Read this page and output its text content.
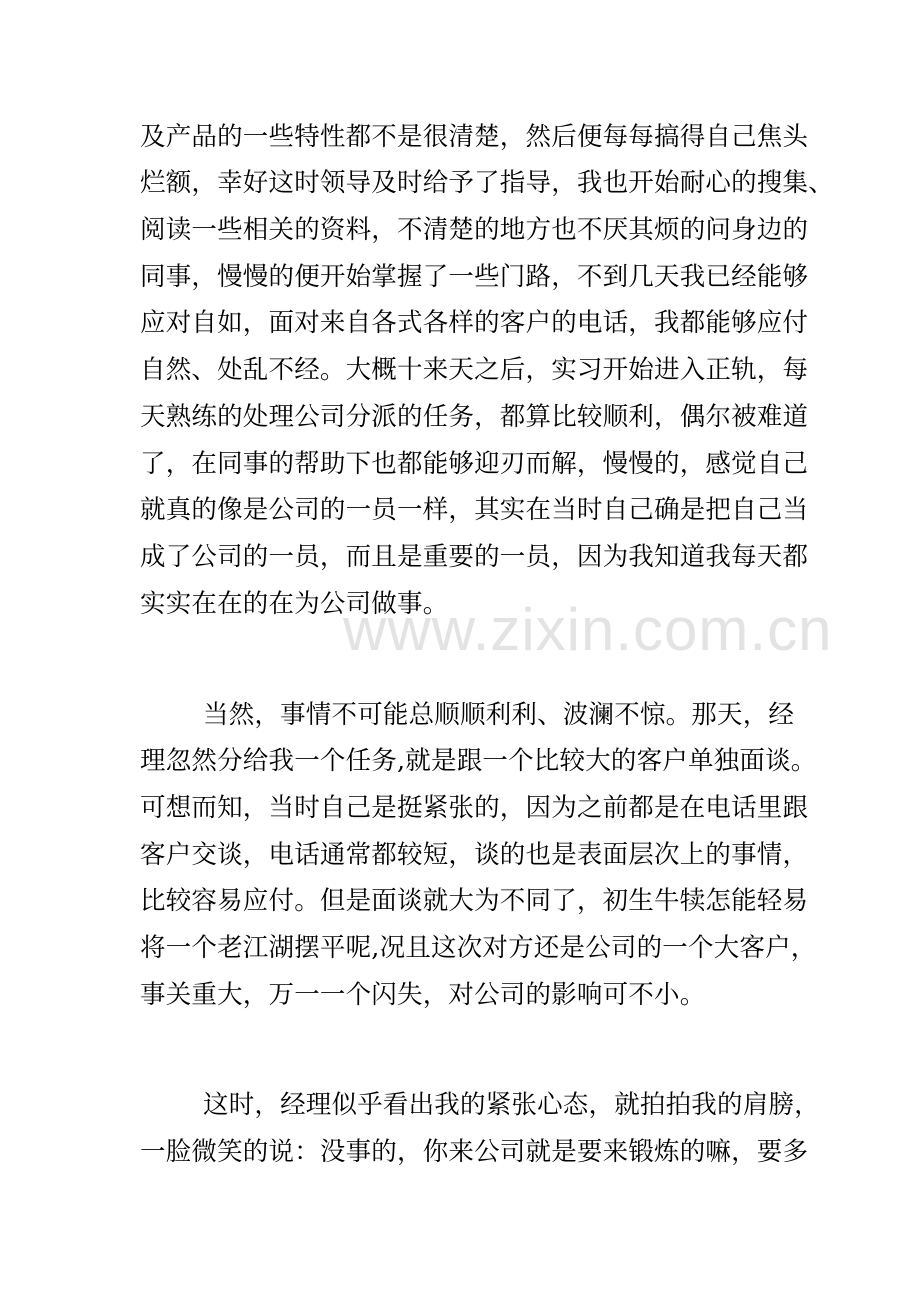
www.zixin.com.cn
及产品的一些特性都不是很清楚，然后便每每搞得自己焦头
烂额，幸好这时领导及时给予了指导，我也开始耐心的搜集、
阅读一些相关的资料，不清楚的地方也不厌其烦的问身边的
同事，慢慢的便开始掌握了一些门路，不到几天我已经能够
应对自如，面对来自各式各样的客户的电话，我都能够应付
自然、处乱不经。大概十来天之后，实习开始进入正轨，每
天熟练的处理公司分派的任务，都算比较顺利，偶尔被难道
了，在同事的帮助下也都能够迎刃而解，慢慢的，感觉自己
就真的像是公司的一员一样，其实在当时自己确是把自己当
成了公司的一员，而且是重要的一员，因为我知道我每天都
实实在在的在为公司做事。
当然，事情不可能总顺顺利利、波澜不惊。那天，经
理忽然分给我一个任务,就是跟一个比较大的客户单独面谈。
可想而知，当时自己是挺紧张的，因为之前都是在电话里跟
客户交谈，电话通常都较短，谈的也是表面层次上的事情，
比较容易应付。但是面谈就大为不同了，初生牛犊怎能轻易
将一个老江湖摆平呢,况且这次对方还是公司的一个大客户，
事关重大，万一一个闪失，对公司的影响可不小。
这时，经理似乎看出我的紧张心态，就拍拍我的肩膀，
一脸微笑的说：没事的，你来公司就是要来锻炼的嘛，要多
